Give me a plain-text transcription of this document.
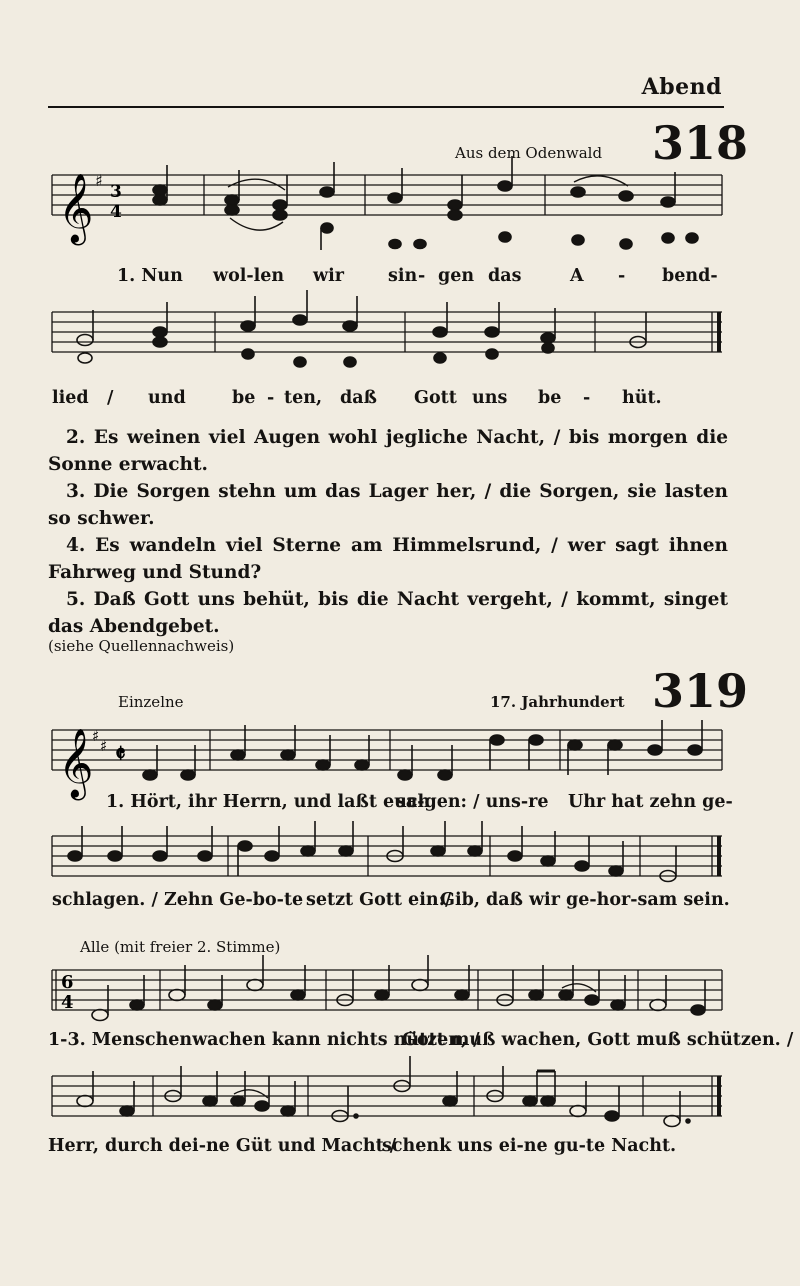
Abend
318
Aus dem Odenwald
𝄞 ♯
3
4
1. Nun wol-len wir	sin - gen das	A - bend-
lied / und	be - ten, daß Gott uns be - hüt.

2. Es weinen viel Augen wohl jegliche Nacht, / bis morgen die Sonne erwacht.

3. Die Sorgen stehn um das Lager her, / die Sorgen, sie lasten so schwer.

4. Es wandeln viel Sterne am Himmelsrund, / wer sagt ihnen Fahrweg und Stund?

5. Daß Gott uns behüt, bis die Nacht vergeht, / kommt, singet das Abendgebet.

(siehe Quellennachweis)
319
Einzelne	17. Jahrhundert
𝄞
♯
♯ 𝄵
1. Hört, ihr Herrn, und laßt euch
sa-gen: / uns-re Uhr hat zehn ge-
schlagen. / Zehn Ge-bo-te setzt Gott ein:/
Gib, daß wir ge-hor-sam sein.
Alle (mit freier 2. Stimme)
6
4
1-3. Menschenwachen kann nichts nützen, /
Gott muß wachen, Gott muß schützen. /
Herr, durch dei-ne Güt und Macht /
schenk uns ei-ne gu-te Nacht.
